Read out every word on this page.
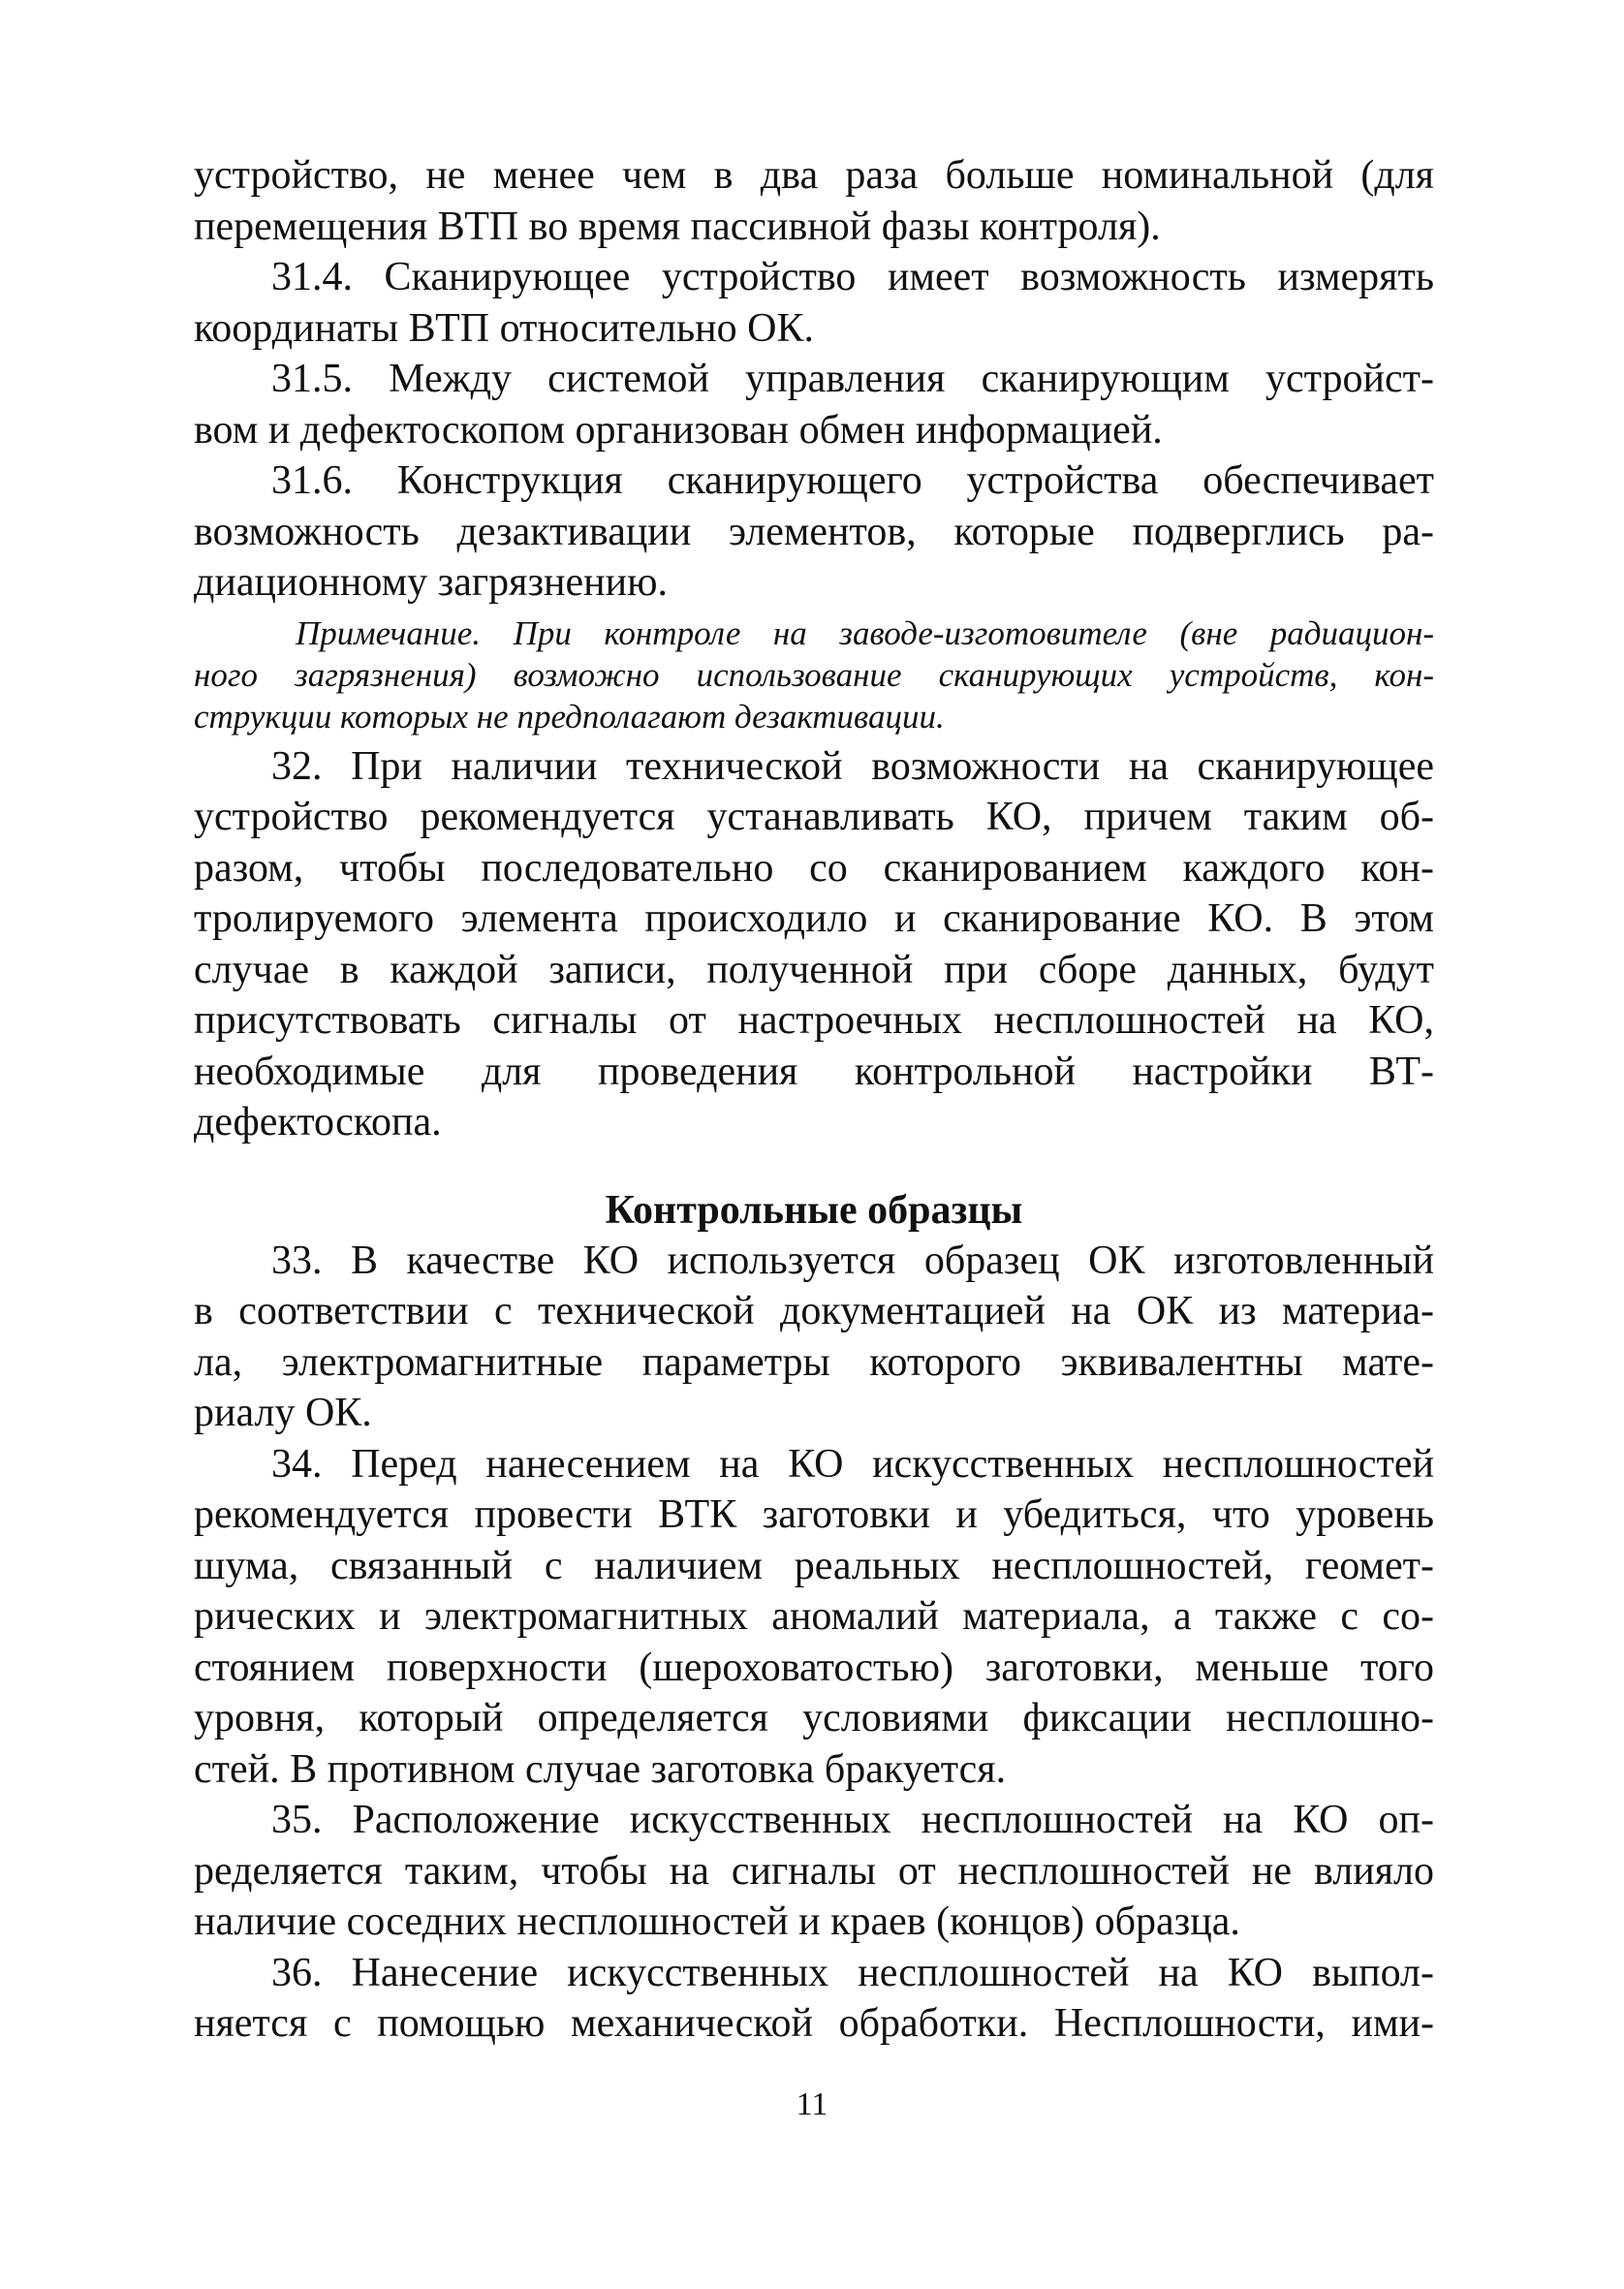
устройство, не менее чем в два раза больше номинальной (для
перемещения ВТП во время пассивной фазы контроля).
31.4. Сканирующее устройство имеет возможность измерять
координаты ВТП относительно ОК.
31.5. Между системой управления сканирующим устройст-
вом и дефектоскопом организован обмен информацией.
31.6. Конструкция сканирующего устройства обеспечивает
возможность дезактивации элементов, которые подверглись ра-
диационному загрязнению.
Примечание. При контроле на заводе-изготовителе (вне радиацион-
ного загрязнения) возможно использование сканирующих устройств, кон-
струкции которых не предполагают дезактивации.
32. При наличии технической возможности на сканирующее
устройство рекомендуется устанавливать КО, причем таким об-
разом, чтобы последовательно со сканированием каждого кон-
тролируемого элемента происходило и сканирование КО. В этом
случае в каждой записи, полученной при сборе данных, будут
присутствовать сигналы от настроечных несплошностей на КО,
необходимые для проведения контрольной настройки ВТ-
дефектоскопа.
Контрольные образцы
33. В качестве КО используется образец ОК изготовленный
в соответствии с технической документацией на ОК из материа-
ла, электромагнитные параметры которого эквивалентны мате-
риалу ОК.
34. Перед нанесением на КО искусственных несплошностей
рекомендуется провести ВТК заготовки и убедиться, что уровень
шума, связанный с наличием реальных несплошностей, геомет-
рических и электромагнитных аномалий материала, а также с со-
стоянием поверхности (шероховатостью) заготовки, меньше того
уровня, который определяется условиями фиксации несплошно-
стей. В противном случае заготовка бракуется.
35. Расположение искусственных несплошностей на КО оп-
ределяется таким, чтобы на сигналы от несплошностей не влияло
наличие соседних несплошностей и краев (концов) образца.
36. Нанесение искусственных несплошностей на КО выпол-
няется с помощью механической обработки. Несплошности, ими-
11
